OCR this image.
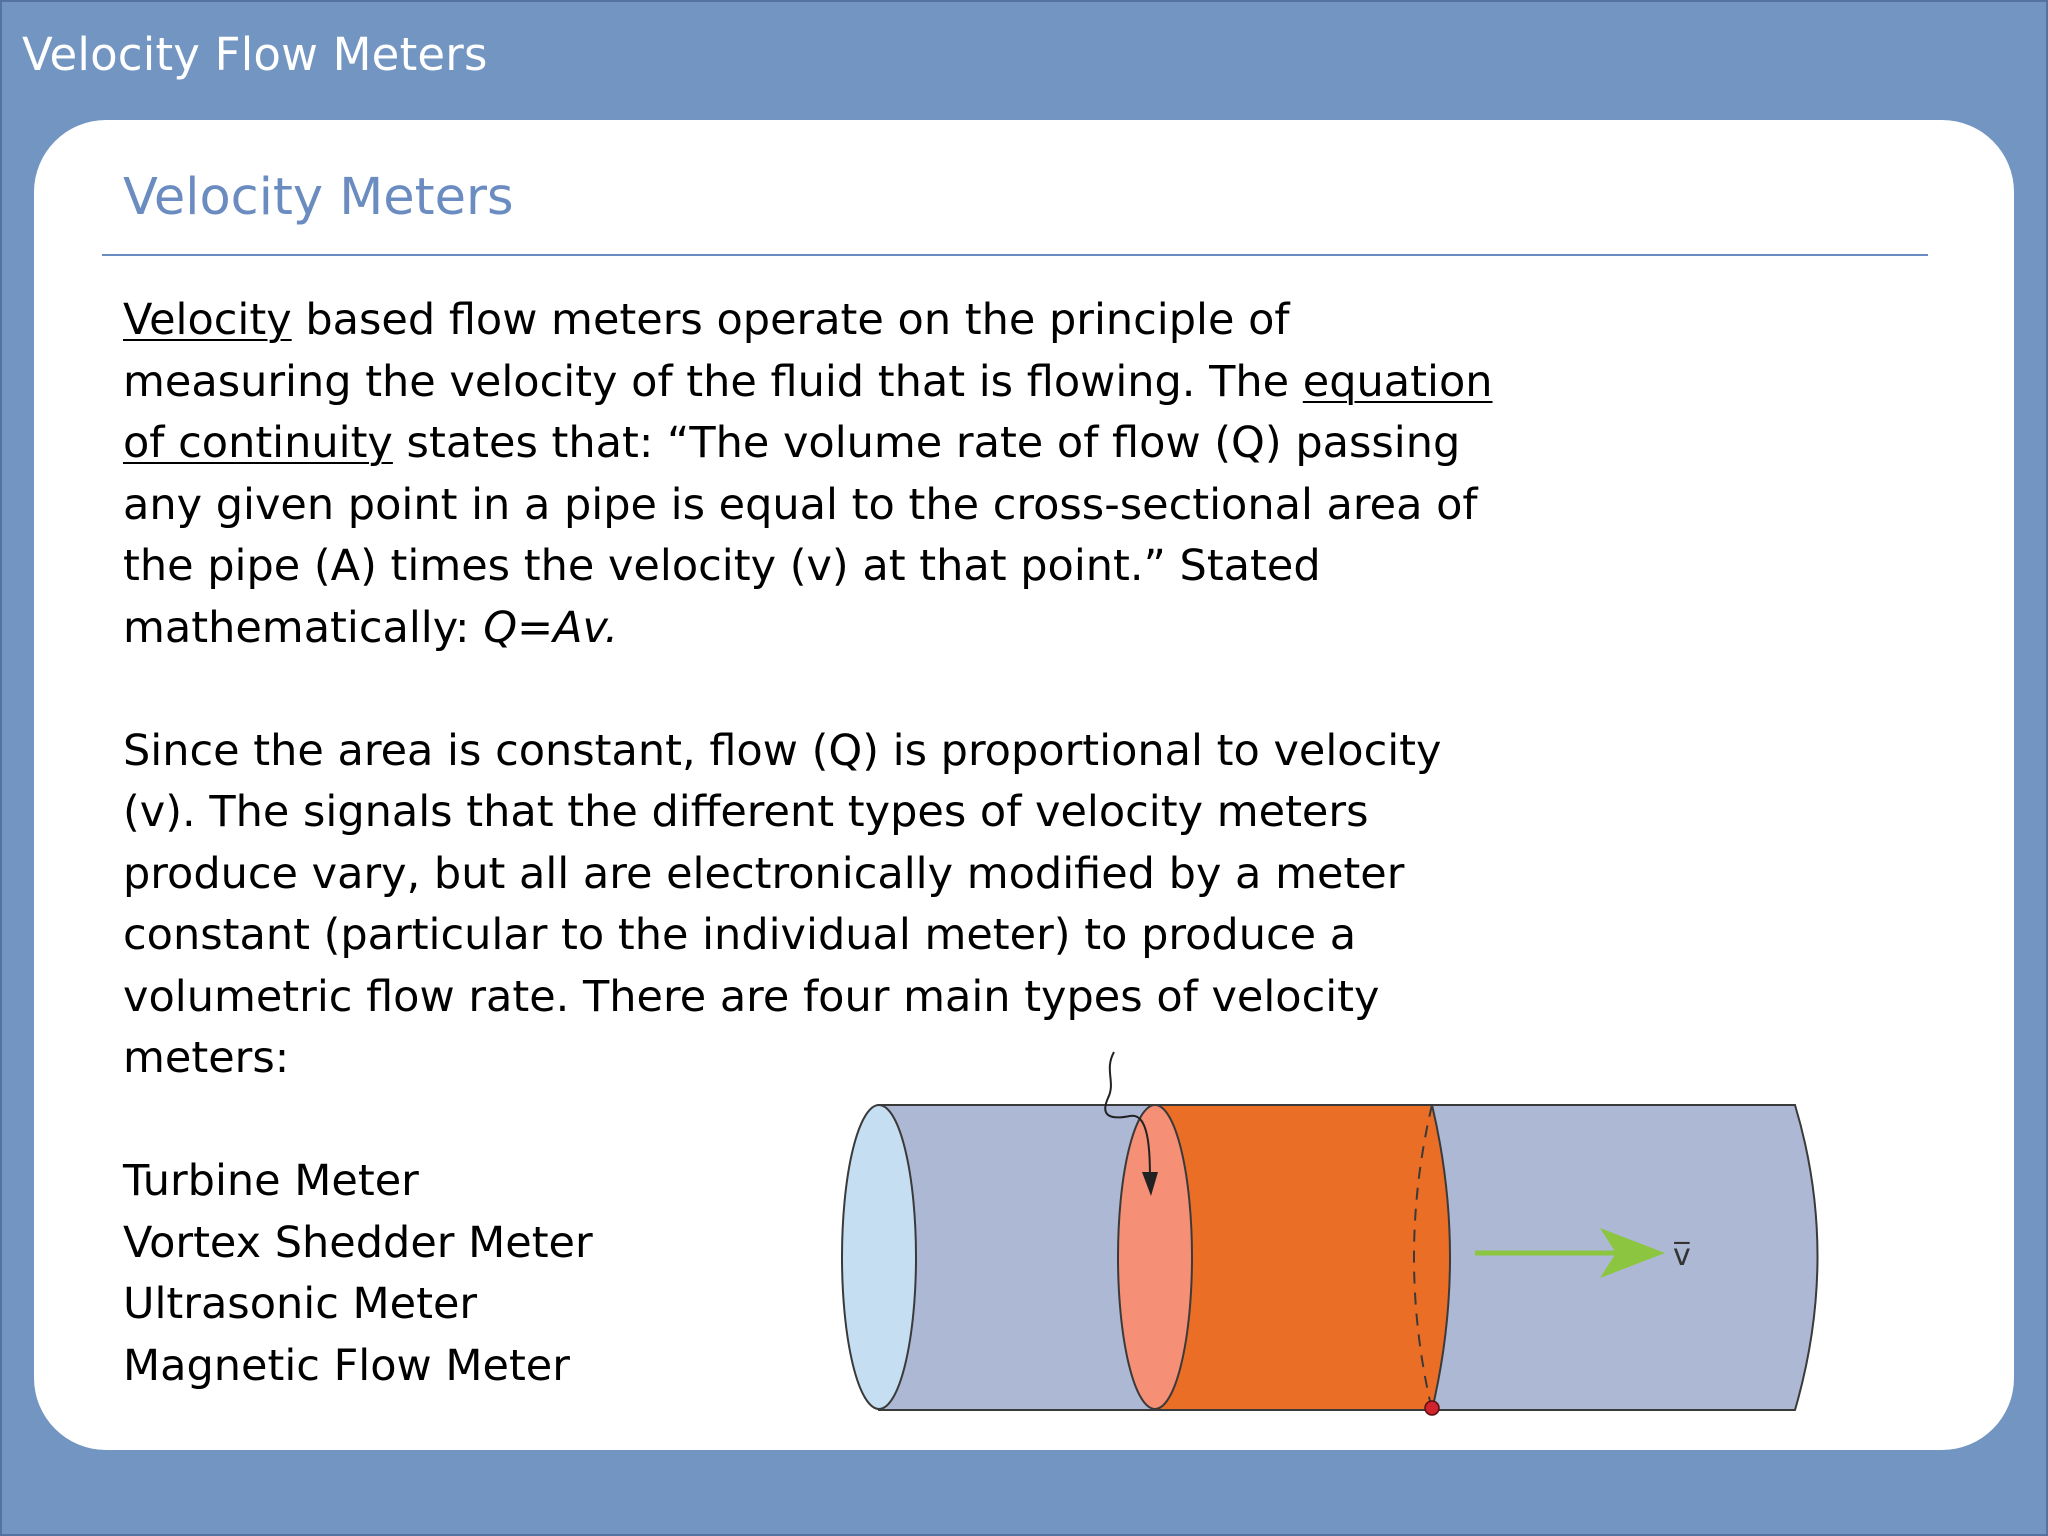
Velocity Flow Meters
Velocity Meters

Velocity based flow meters operate on the principle of

measuring the velocity of the fluid that is flowing. The equation

of continuity states that: “The volume rate of flow (Q) passing

any given point in a pipe is equal to the cross-sectional area of

the pipe (A) times the velocity (v) at that point.” Stated

mathematically: Q=Av.

Since the area is constant, flow (Q) is proportional to velocity

(v). The signals that the different types of velocity meters

produce vary, but all are electronically modified by a meter

constant (particular to the individual meter) to produce a

volumetric flow rate. There are four main types of velocity

meters:

Turbine Meter

Vortex Shedder Meter

Ultrasonic Meter

Magnetic Flow Meter

v̅
